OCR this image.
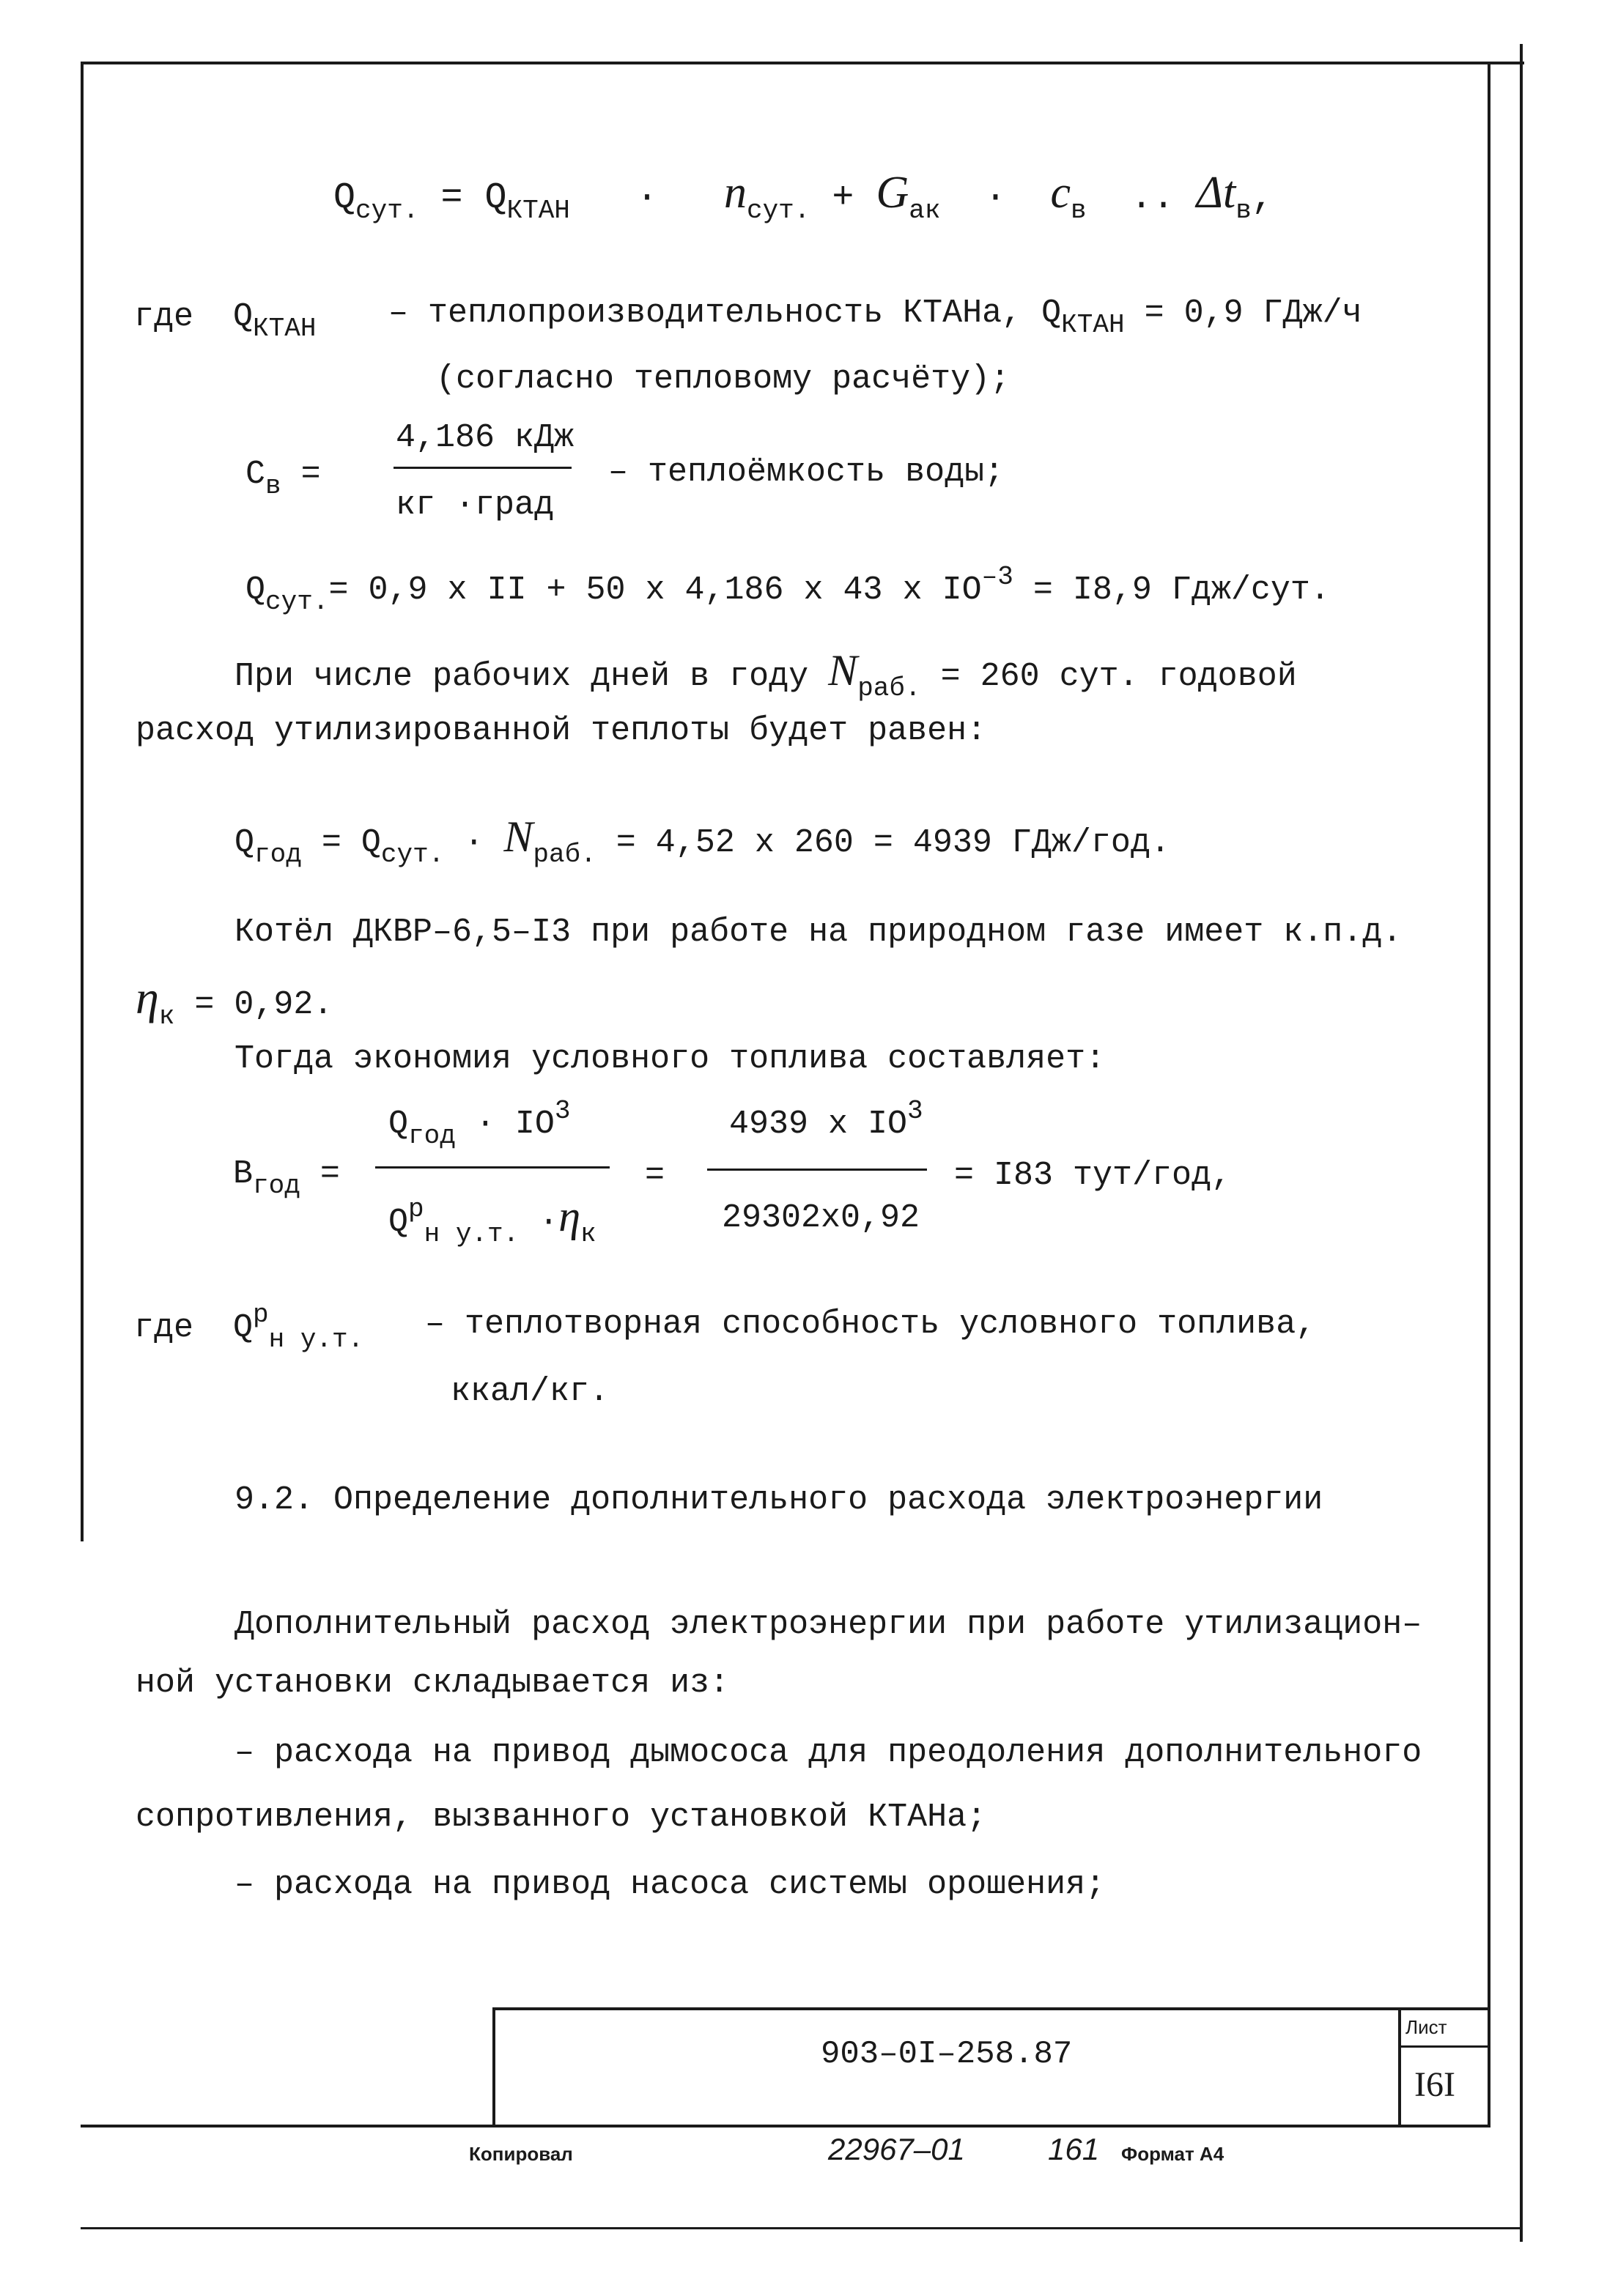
$Q_{сут.} = Q_{КТАН} \cdot n_{сут.} + G_{ак} \cdot c_в$ .. $\Delta t_в$,
где $Q_{КТАН}$ – теплопроизводительность КТАНа, $Q_{КТАН} = 0,9$ ГДж/ч
(согласно тепловому расчёту);
$С_в$ =
4,186 кДж
кг ·град
– теплоёмкость воды;
$Q_{сут.}= 0,9$ х II + 50 х 4,186 х 43 х $IO^{-3} = I8,9$ Гдж/сут.
При числе рабочих дней в году $N_{раб.} = 260$ сут. годовой
расход утилизированной теплоты будет равен:
$Q_{год} = Q_{сут.} \cdot N_{раб.} = 4,52$ х 260 = 4939 ГДж/год.
Котёл ДКВР–6,5–I3 при работе на природном газе имеет к.п.д.
$\eta_к = 0,92$.
Тогда экономия условного топлива составляет:
$В_{год}$ =
$Q_{год} \cdot IO^3$
$Q^р_{н у.т.} \cdot\eta_к$
=
4939 х $IO^3$
29302х0,92
= I83 тут/год,
где $Q^р_{н у.т.}$ – теплотворная способность условного топлива,
ккал/кг.
9.2. Определение дополнительного расхода электроэнергии
Дополнительный расход электроэнергии при работе утилизацион–
ной установки складывается из:
– расхода на привод дымососа для преодоления дополнительного
сопротивления, вызванного установкой КТАНа;
– расхода на привод насоса системы орошения;
903–0I–258.87
Лист
I6I
Копировал	22967–01	161 Формат А4
